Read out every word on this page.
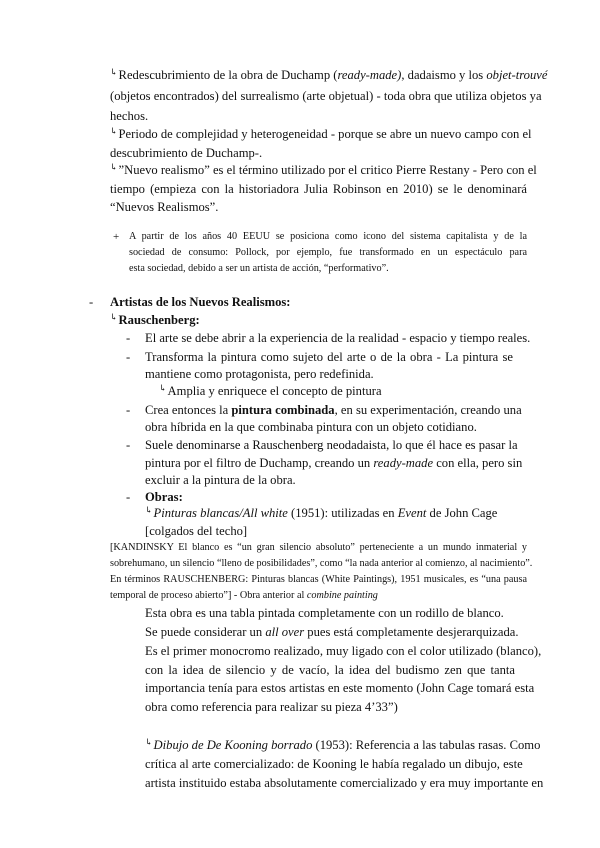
↳Redescubrimiento de la obra de Duchamp (ready-made), dadaismo y los objet-trouvé
(objetos encontrados) del surrealismo (arte objetual) - toda obra que utiliza objetos ya
hechos.
↳Periodo de complejidad y heterogeneidad - porque se abre un nuevo campo con el
descubrimiento de Duchamp-.
↳”Nuevo realismo” es el término utilizado por el critico Pierre Restany - Pero con el
tiempo (empieza con la historiadora Julia Robinson en 2010) se le denominará
“Nuevos Realismos”.
+ A partir de los años 40 EEUU se posiciona como icono del sistema capitalista y de la
sociedad de consumo: Pollock, por ejemplo, fue transformado en un espectáculo para
esta sociedad, debido a ser un artista de acción, “performativo”.
- Artistas de los Nuevos Realismos:
↳Rauschenberg:
- El arte se debe abrir a la experiencia de la realidad - espacio y tiempo reales.
- Transforma la pintura como sujeto del arte o de la obra - La pintura se
mantiene como protagonista, pero redefinida.
↳Amplia y enriquece el concepto de pintura
- Crea entonces la pintura combinada, en su experimentación, creando una
obra híbrida en la que combinaba pintura con un objeto cotidiano.
- Suele denominarse a Rauschenberg neodadaista, lo que él hace es pasar la
pintura por el filtro de Duchamp, creando un ready-made con ella, pero sin
excluir a la pintura de la obra.
- Obras:
↳Pinturas blancas/All white (1951): utilizadas en Event de John Cage
[colgados del techo]
[KANDINSKY El blanco es “un gran silencio absoluto” perteneciente a un mundo inmaterial y
sobrehumano, un silencio “lleno de posibilidades”, como “la nada anterior al comienzo, al nacimiento”.
En términos RAUSCHENBERG: Pinturas blancas (White Paintings), 1951 musicales, es “una pausa
temporal de proceso abierto”] - Obra anterior al combine painting
Esta obra es una tabla pintada completamente con un rodillo de blanco.
Se puede considerar un all over pues está completamente desjerarquizada.
Es el primer monocromo realizado, muy ligado con el color utilizado (blanco),
con la idea de silencio y de vacío, la idea del budismo zen que tanta
importancia tenía para estos artistas en este momento (John Cage tomará esta
obra como referencia para realizar su pieza 4’33”)
↳Dibujo de De Kooning borrado (1953): Referencia a las tabulas rasas. Como
crítica al arte comercializado: de Kooning le había regalado un dibujo, este
artista instituido estaba absolutamente comercializado y era muy importante en
